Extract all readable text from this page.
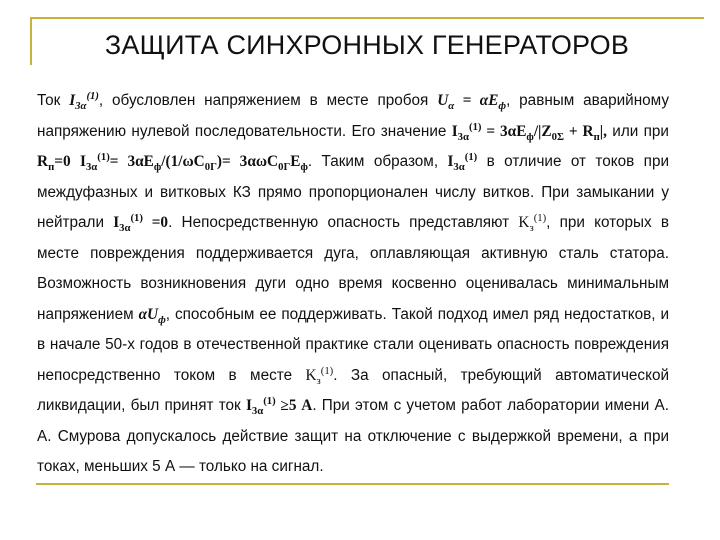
ЗАЩИТА СИНХРОННЫХ ГЕНЕРАТОРОВ

Ток $I_{3\alpha}^{(1)}$, обусловлен напряжением в месте пробоя $U_\alpha = \alpha E_ф$, равным аварийному напряжению нулевой последовательности. Его значение $I_{3\alpha}^{(1)} = 3\alpha E_ф/|Z_{0\Sigma} + R_п|$, или при $R_п=0$ $I_{3\alpha}^{(1)}= 3\alpha E_ф/(1/\omega C_{0Г})= 3\alpha\omega C_{0Г}E_ф$. Таким образом, $I_{3\alpha}^{(1)}$ в отличие от токов при междуфазных и витковых КЗ прямо пропорционален числу витков. При замыкании у нейтрали $I_{3\alpha}^{(1)} =0$. Непосредственную опасность представляют $K_з^{(1)}$, при которых в месте повреждения поддерживается дуга, оплавляющая активную сталь статора. Возможность возникновения дуги одно время косвенно оценивалась минимальным напряжением $\alpha U_ф$, способным ее поддерживать. Такой подход имел ряд недостатков, и в начале 50-х годов в отечественной практике стали оценивать опасность повреждения непосредственно током в месте $K_з^{(1)}$. За опасный, требующий автоматической ликвидации, был принят ток $I_{3\alpha}^{(1)} \ge 5$ А. При этом с учетом работ лаборатории имени А. А. Смурова допускалось действие защит на отключение с выдержкой времени, а при токах, меньших 5 А — только на сигнал.
